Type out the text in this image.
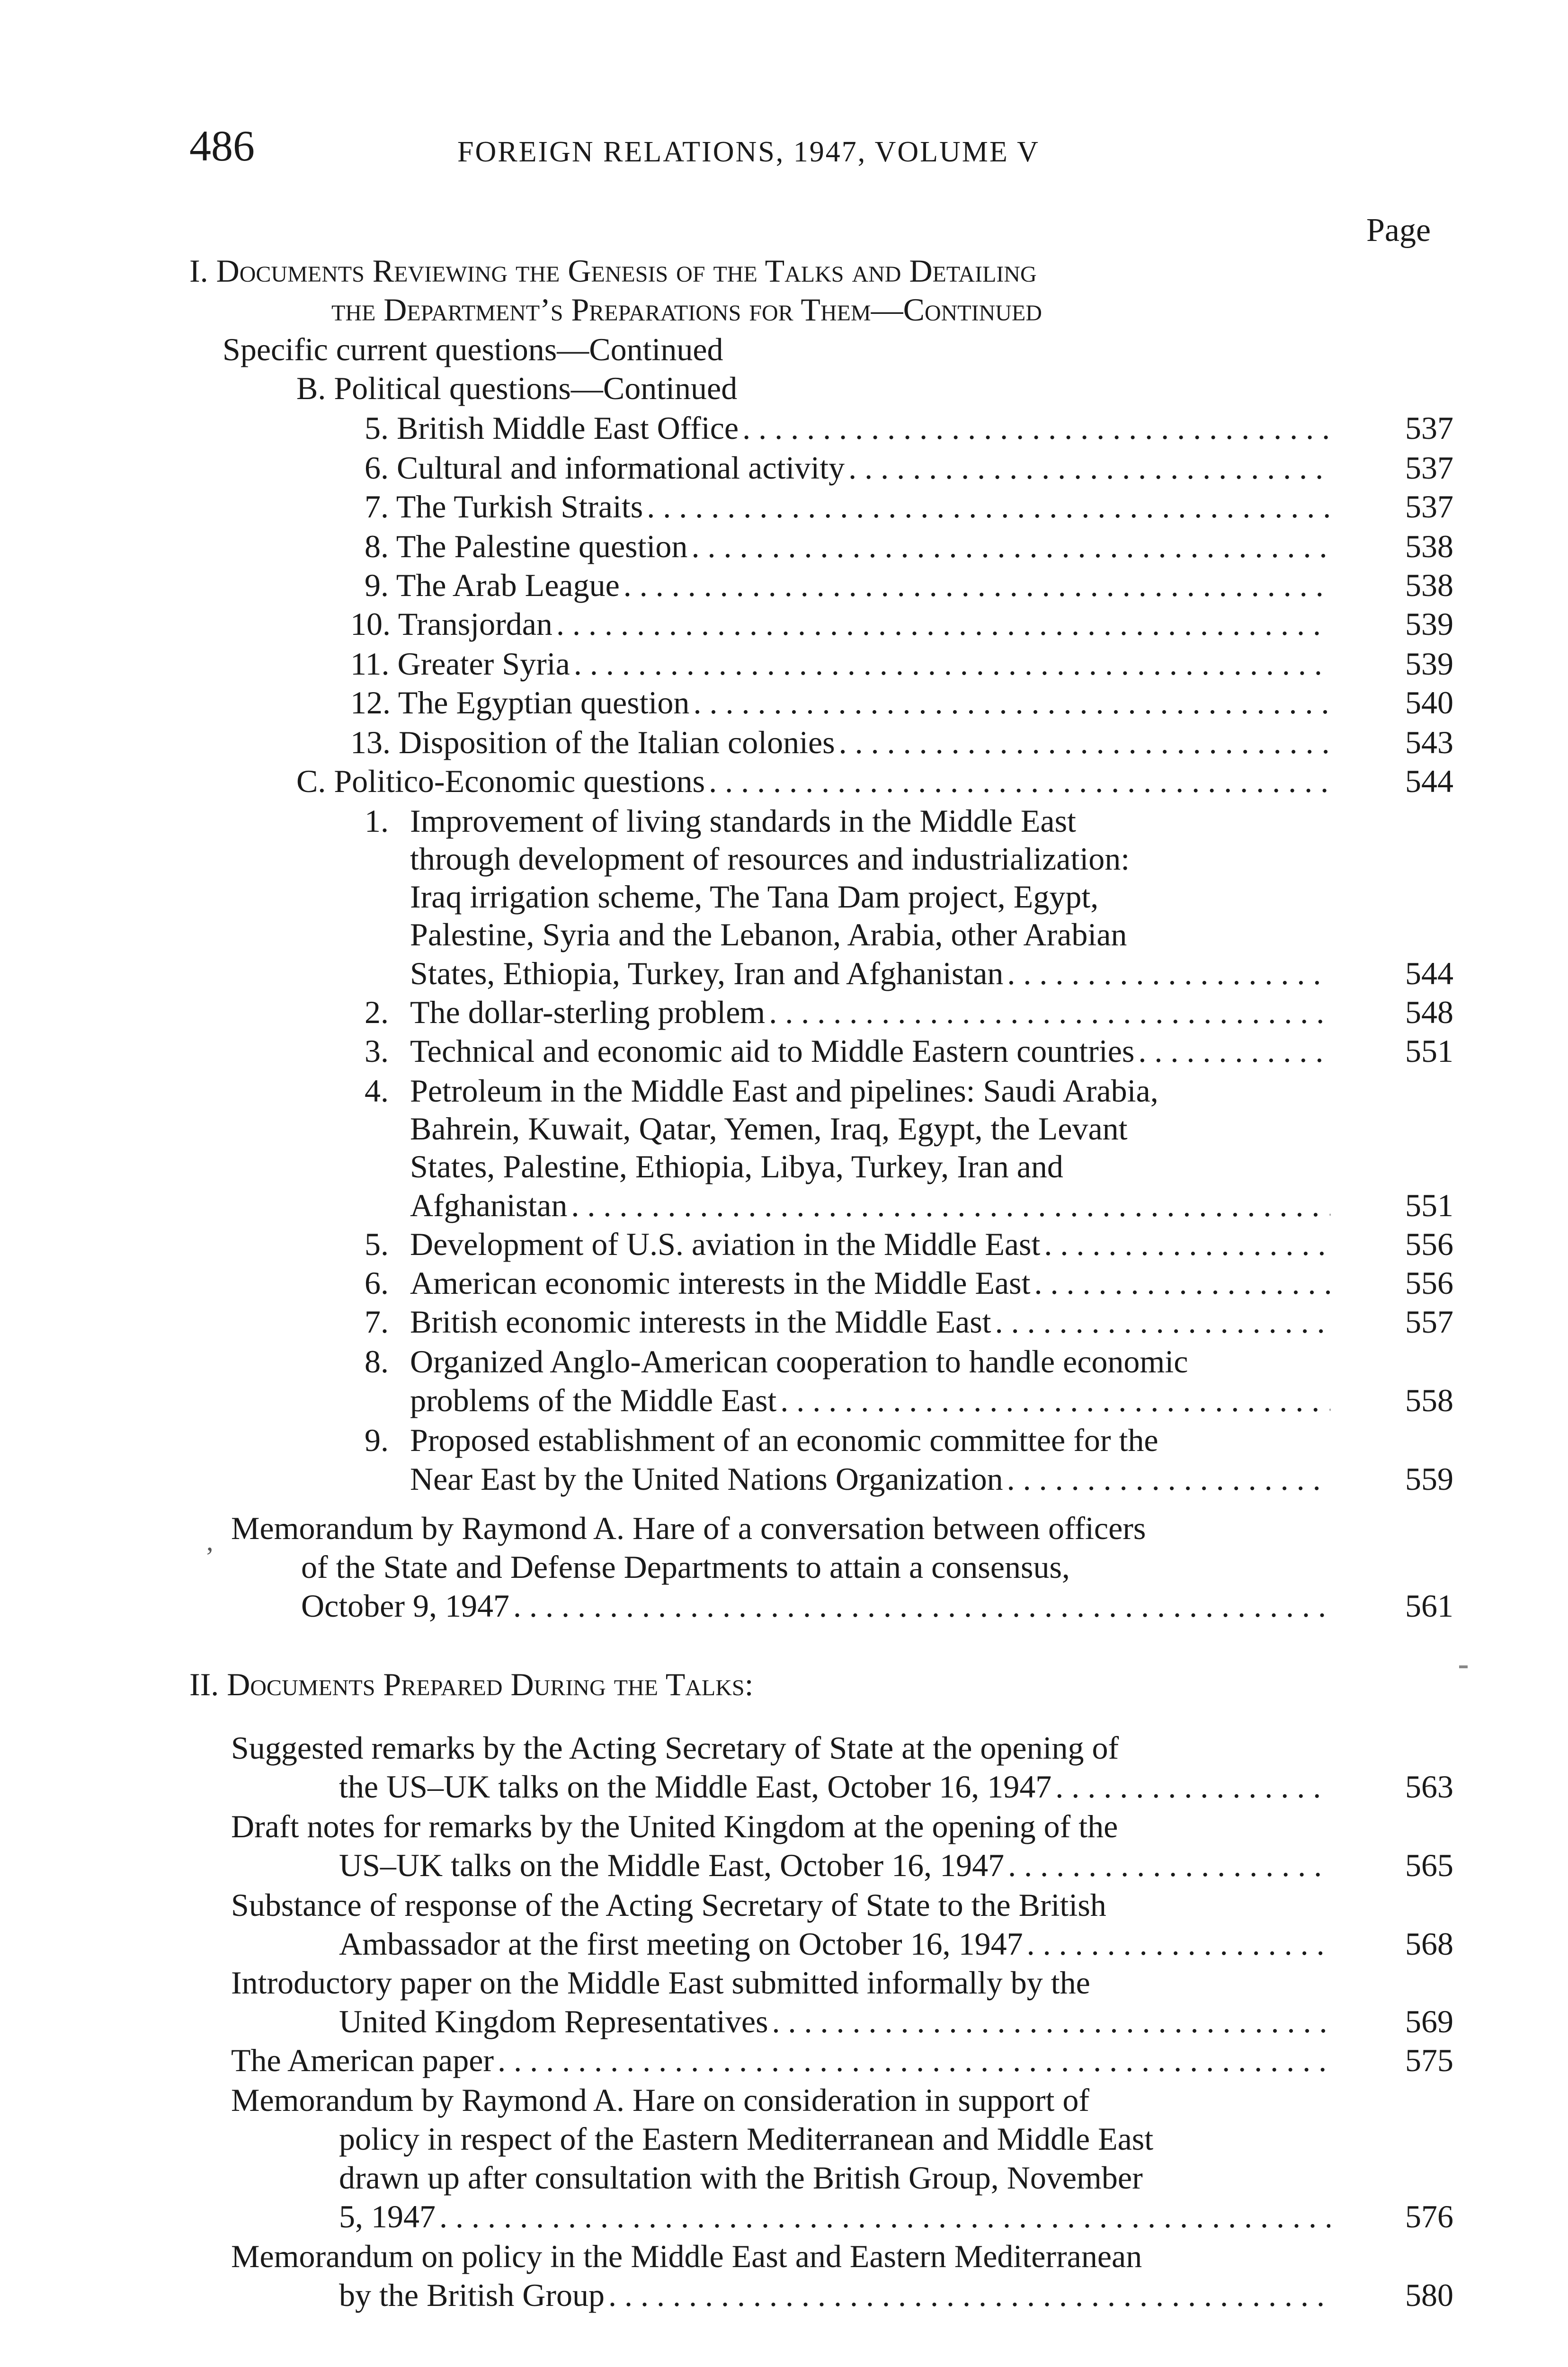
486	FOREIGN RELATIONS, 1947, VOLUME V
Page
I. Documents Reviewing the Genesis of the Talks and Detailing
the Department’s Preparations for Them—Continued
Specific current questions—Continued
B. Political questions—Continued
5. British Middle East Office . . .	537
6. Cultural and informational activity . . .	537
7. The Turkish Straits . . .	537
8. The Palestine question . . .	538
9. The Arab League . . .	538
10. Transjordan . . .	539
11. Greater Syria . . .	539
12. The Egyptian question . . .	540
13. Disposition of the Italian colonies . . .	543
C. Politico-Economic questions . . .	544
1. Improvement of living standards in the Middle East
through development of resources and industrialization:
Iraq irrigation scheme, The Tana Dam project, Egypt,
Palestine, Syria and the Lebanon, Arabia, other Arabian
States, Ethiopia, Turkey, Iran and Afghanistan . . .	544
2. The dollar-sterling problem . . .	548
3. Technical and economic aid to Middle Eastern countries . . .	551
4. Petroleum in the Middle East and pipelines: Saudi Arabia,
Bahrein, Kuwait, Qatar, Yemen, Iraq, Egypt, the Levant
States, Palestine, Ethiopia, Libya, Turkey, Iran and
Afghanistan . . .	551
5. Development of U.S. aviation in the Middle East . . .	556
6. American economic interests in the Middle East . . .	556
7. British economic interests in the Middle East . . .	557
8. Organized Anglo-American cooperation to handle economic
problems of the Middle East . . .	558
9. Proposed establishment of an economic committee for the
Near East by the United Nations Organization . . .	559
, Memorandum by Raymond A. Hare of a conversation between officers
of the State and Defense Departments to attain a consensus,
October 9, 1947 . . .	561
II. Documents Prepared During the Talks:
Suggested remarks by the Acting Secretary of State at the opening of
the US–UK talks on the Middle East, October 16, 1947 . . .	563
Draft notes for remarks by the United Kingdom at the opening of the
US–UK talks on the Middle East, October 16, 1947 . . .	565
Substance of response of the Acting Secretary of State to the British
Ambassador at the first meeting on October 16, 1947 . . .	568
Introductory paper on the Middle East submitted informally by the
United Kingdom Representatives . . .	569
The American paper . . .	575
Memorandum by Raymond A. Hare on consideration in support of
policy in respect of the Eastern Mediterranean and Middle East
drawn up after consultation with the British Group, November
5, 1947 . . .	576
Memorandum on policy in the Middle East and Eastern Mediterranean
by the British Group . . .	580
